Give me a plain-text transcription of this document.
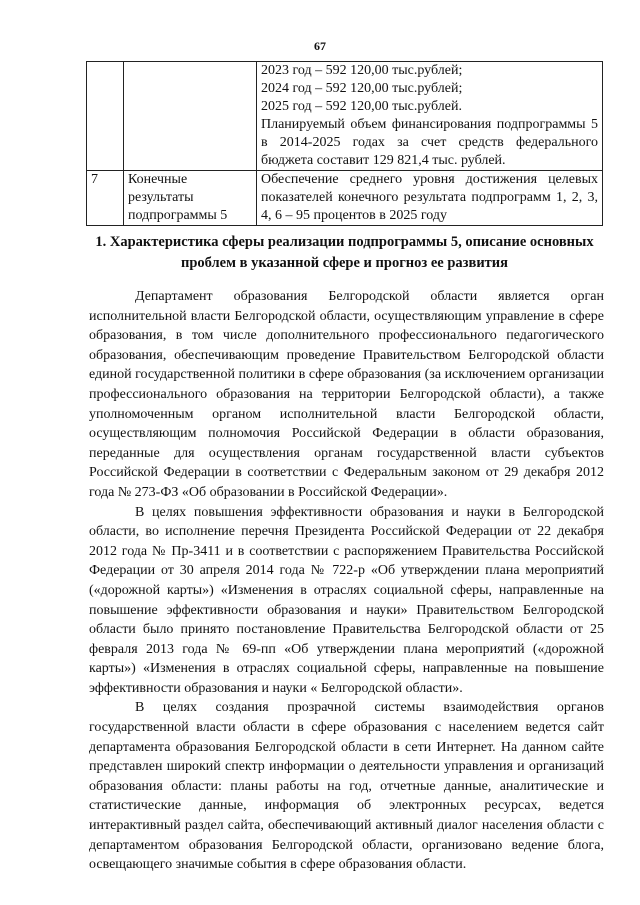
67

		2023 год – 592 120,00 тыс.рублей;
2024 год – 592 120,00 тыс.рублей;
2025 год – 592 120,00 тыс.рублей.
Планируемый объем финансирования подпрограммы 5 в 2014-2025 годах за счет средств федерального бюджета составит 129 821,4 тыс. рублей.

7	Конечные
результаты
подпрограммы 5	Обеспечение среднего уровня достижения целевых показателей конечного результата подпрограмм 1, 2, 3, 4, 6 – 95 процентов в 2025 году
1. Характеристика сферы реализации подпрограммы 5, описание основных
проблем в указанной сфере и прогноз ее развития

Департамент образования Белгородской области является орган исполнительной власти Белгородской области, осуществляющим управление в сфере образования, в том числе дополнительного профессионального педагогического образования, обеспечивающим проведение Правительством Белгородской области единой государственной политики в сфере образования (за исключением организации профессионального образования на территории Белгородской области), а также уполномоченным органом исполнительной власти Белгородской области, осуществляющим полномочия Российской Федерации в области образования, переданные для осуществления органам государственной власти субъектов Российской Федерации в соответствии с Федеральным законом от 29 декабря 2012 года № 273-ФЗ «Об образовании в Российской Федерации».

В целях повышения эффективности образования и науки в Белгородской области, во исполнение перечня Президента Российской Федерации от 22 декабря 2012 года № Пр-3411 и в соответствии с распоряжением Правительства Российской Федерации от 30 апреля 2014 года № 722-р «Об утверждении плана мероприятий («дорожной карты») «Изменения в отраслях социальной сферы, направленные на повышение эффективности образования и науки» Правительством Белгородской области было принято постановление Правительства Белгородской области от 25 февраля 2013 года № 69-пп «Об утверждении плана мероприятий («дорожной карты») «Изменения в отраслях социальной сферы, направленные на повышение эффективности образования и науки « Белгородской области».

В целях создания прозрачной системы взаимодействия органов государственной власти области в сфере образования с населением ведется сайт департамента образования Белгородской области в сети Интернет. На данном сайте представлен широкий спектр информации о деятельности управления и организаций образования области: планы работы на год, отчетные данные, аналитические и статистические данные, информация об электронных ресурсах, ведется интерактивный раздел сайта, обеспечивающий активный диалог населения области с департаментом образования Белгородской области, организовано ведение блога, освещающего значимые события в сфере образования области.
